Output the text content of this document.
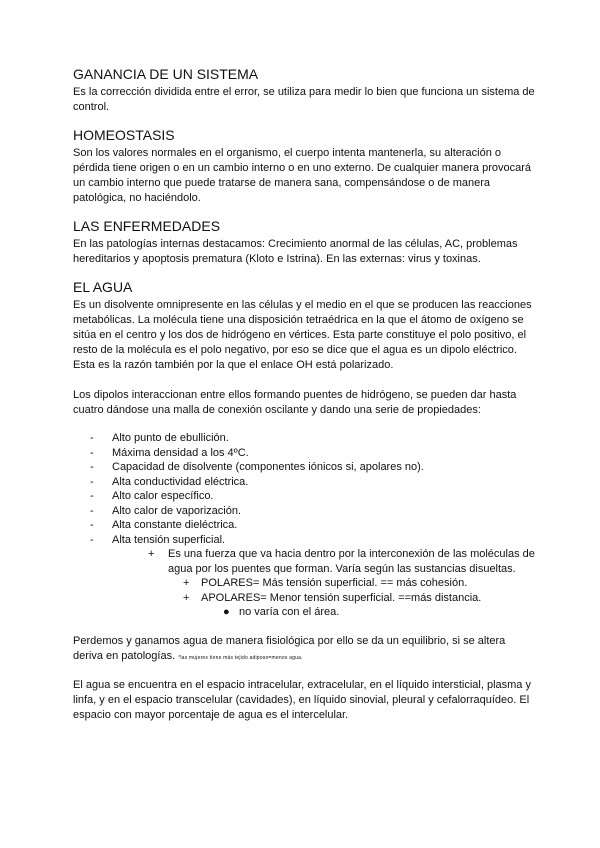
GANANCIA DE UN SISTEMA

Es la corrección dividida entre el error, se utiliza para medir lo bien que funciona un sistema de control.

HOMEOSTASIS

Son los valores normales en el organismo, el cuerpo intenta mantenerla, su alteración o pérdida tiene origen o en un cambio interno o en uno externo. De cualquier manera provocará un cambio interno que puede tratarse de manera sana, compensándose o de manera patológica, no haciéndolo.

LAS ENFERMEDADES

En las patologías internas destacamos: Crecimiento anormal de las células, AC, problemas hereditarios y apoptosis prematura (Kloto e Istrina). En las externas: virus y toxinas.

EL AGUA

Es un disolvente omnipresente en las células y el medio en el que se producen las reacciones metabólicas. La molécula tiene una disposición tetraédrica en la que el átomo de oxígeno se sitúa en el centro y los dos de hidrógeno en vértices. Esta parte constituye el polo positivo, el resto de la molécula es el polo negativo, por eso se dice que el agua es un dipolo eléctrico. Esta es la razón también por la que el enlace OH está polarizado.

Los dipolos interaccionan entre ellos formando puentes de hidrógeno, se pueden dar hasta cuatro dándose una malla de conexión oscilante y dando una serie de propiedades:

- Alto punto de ebullición.
- Máxima densidad a los 4ºC.
- Capacidad de disolvente (componentes iónicos si, apolares no).
- Alta conductividad eléctrica.
- Alto calor específico.
- Alto calor de vaporización.
- Alta constante dieléctrica.
- Alta tensión superficial.
+ Es una fuerza que va hacia dentro por la interconexión de las moléculas de agua por los puentes que forman. Varía según las sustancias disueltas.
+ POLARES= Más tensión superficial. == más cohesión.
+ APOLARES= Menor tensión superficial. ==más distancia.
● no varía con el área.

Perdemos y ganamos agua de manera fisiológica por ello se da un equilibrio, si se altera deriva en patologías. *las mujeres tiene más tejido adiposo=menos agua.

El agua se encuentra en el espacio intracelular, extracelular, en el líquido intersticial, plasma y linfa, y en el espacio transcelular (cavidades), en líquido sinovial, pleural y cefalorraquídeo. El espacio con mayor porcentaje de agua es el intercelular.
